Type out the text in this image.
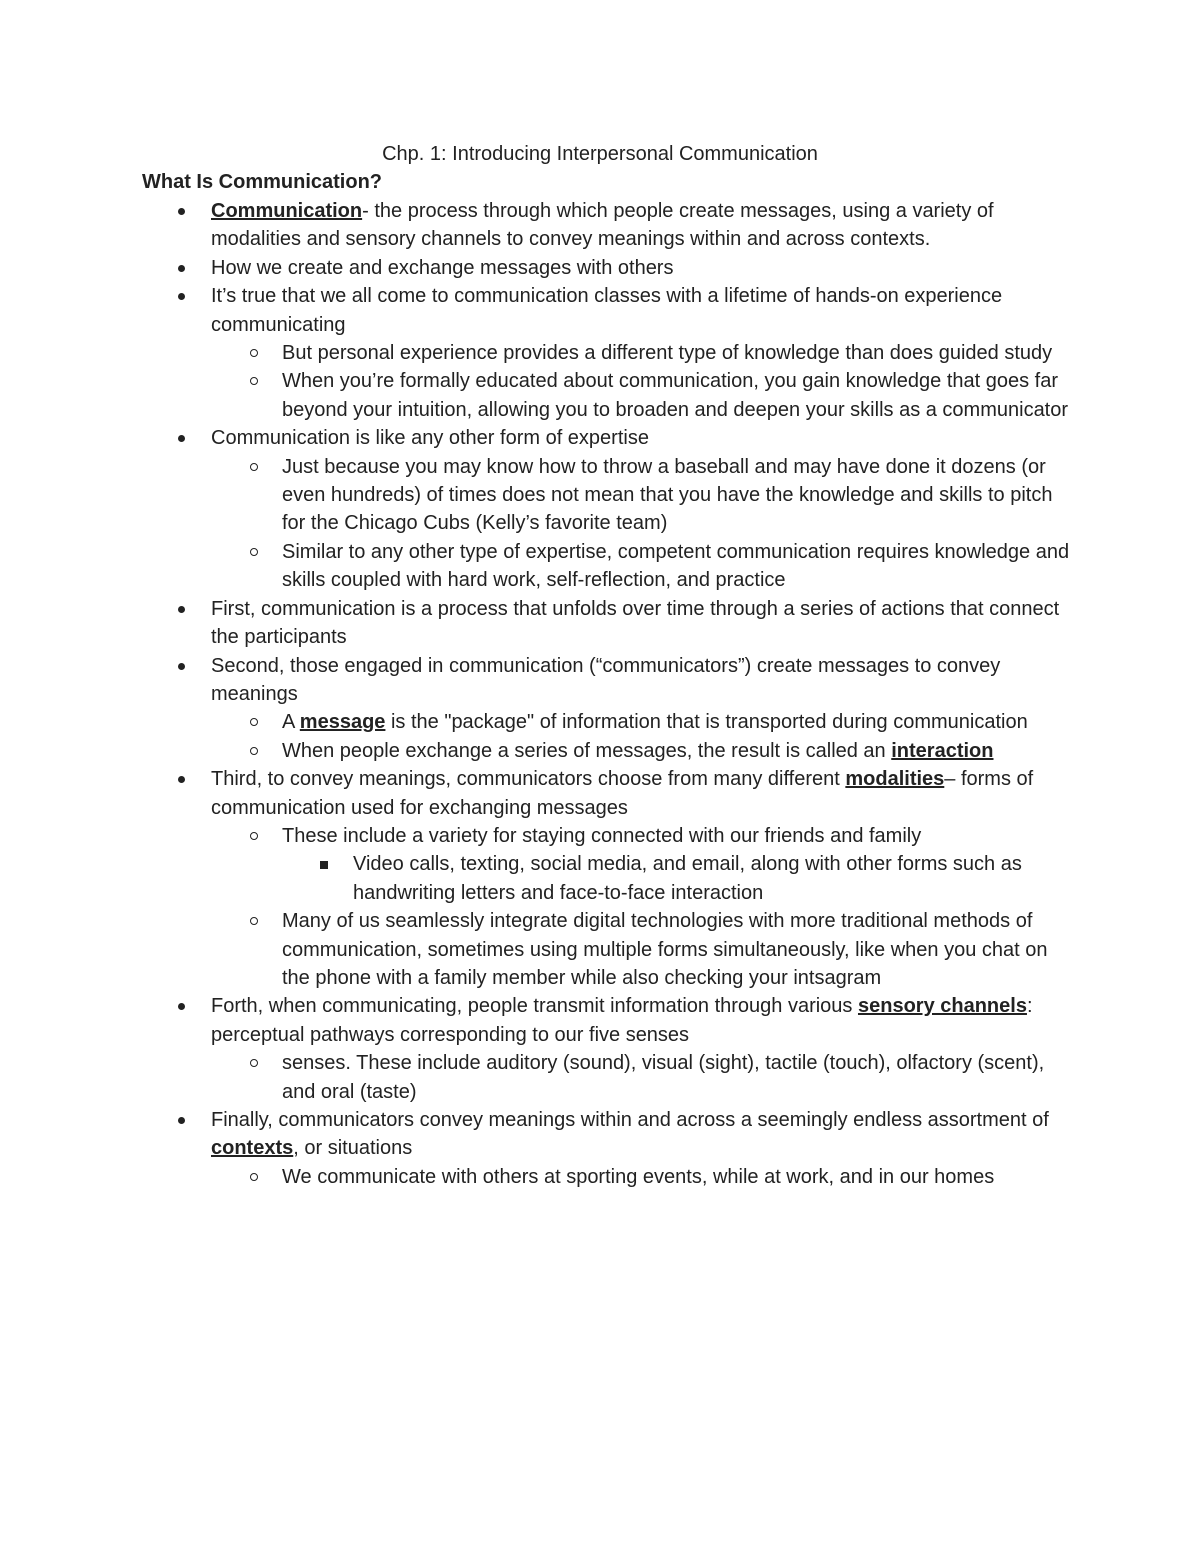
Chp. 1: Introducing Interpersonal Communication
What Is Communication?
Communication- the process through which people create messages, using a variety of modalities and sensory channels to convey meanings within and across contexts.
How we create and exchange messages with others
It’s true that we all come to communication classes with a lifetime of hands-on experience communicating
But personal experience provides a different type of knowledge than does guided study
When you’re formally educated about communication, you gain knowledge that goes far beyond your intuition, allowing you to broaden and deepen your skills as a communicator
Communication is like any other form of expertise
Just because you may know how to throw a baseball and may have done it dozens (or even hundreds) of times does not mean that you have the knowledge and skills to pitch for the Chicago Cubs (Kelly’s favorite team)
Similar to any other type of expertise, competent communication requires knowledge and skills coupled with hard work, self-reflection, and practice
First, communication is a process that unfolds over time through a series of actions that connect the participants
Second, those engaged in communication (“communicators”) create messages to convey meanings
A message is the "package" of information that is transported during communication
When people exchange a series of messages, the result is called an interaction
Third, to convey meanings, communicators choose from many different modalities– forms of communication used for exchanging messages
These include a variety for staying connected with our friends and family
Video calls, texting, social media, and email, along with other forms such as handwriting letters and face-to-face interaction
Many of us seamlessly integrate digital technologies with more traditional methods of communication, sometimes using multiple forms simultaneously, like when you chat on the phone with a family member while also checking your intsagram
Forth, when communicating, people transmit information through various sensory channels: perceptual pathways corresponding to our five senses
senses. These include auditory (sound), visual (sight), tactile (touch), olfactory (scent), and oral (taste)
Finally, communicators convey meanings within and across a seemingly endless assortment of contexts, or situations
We communicate with others at sporting events, while at work, and in our homes
